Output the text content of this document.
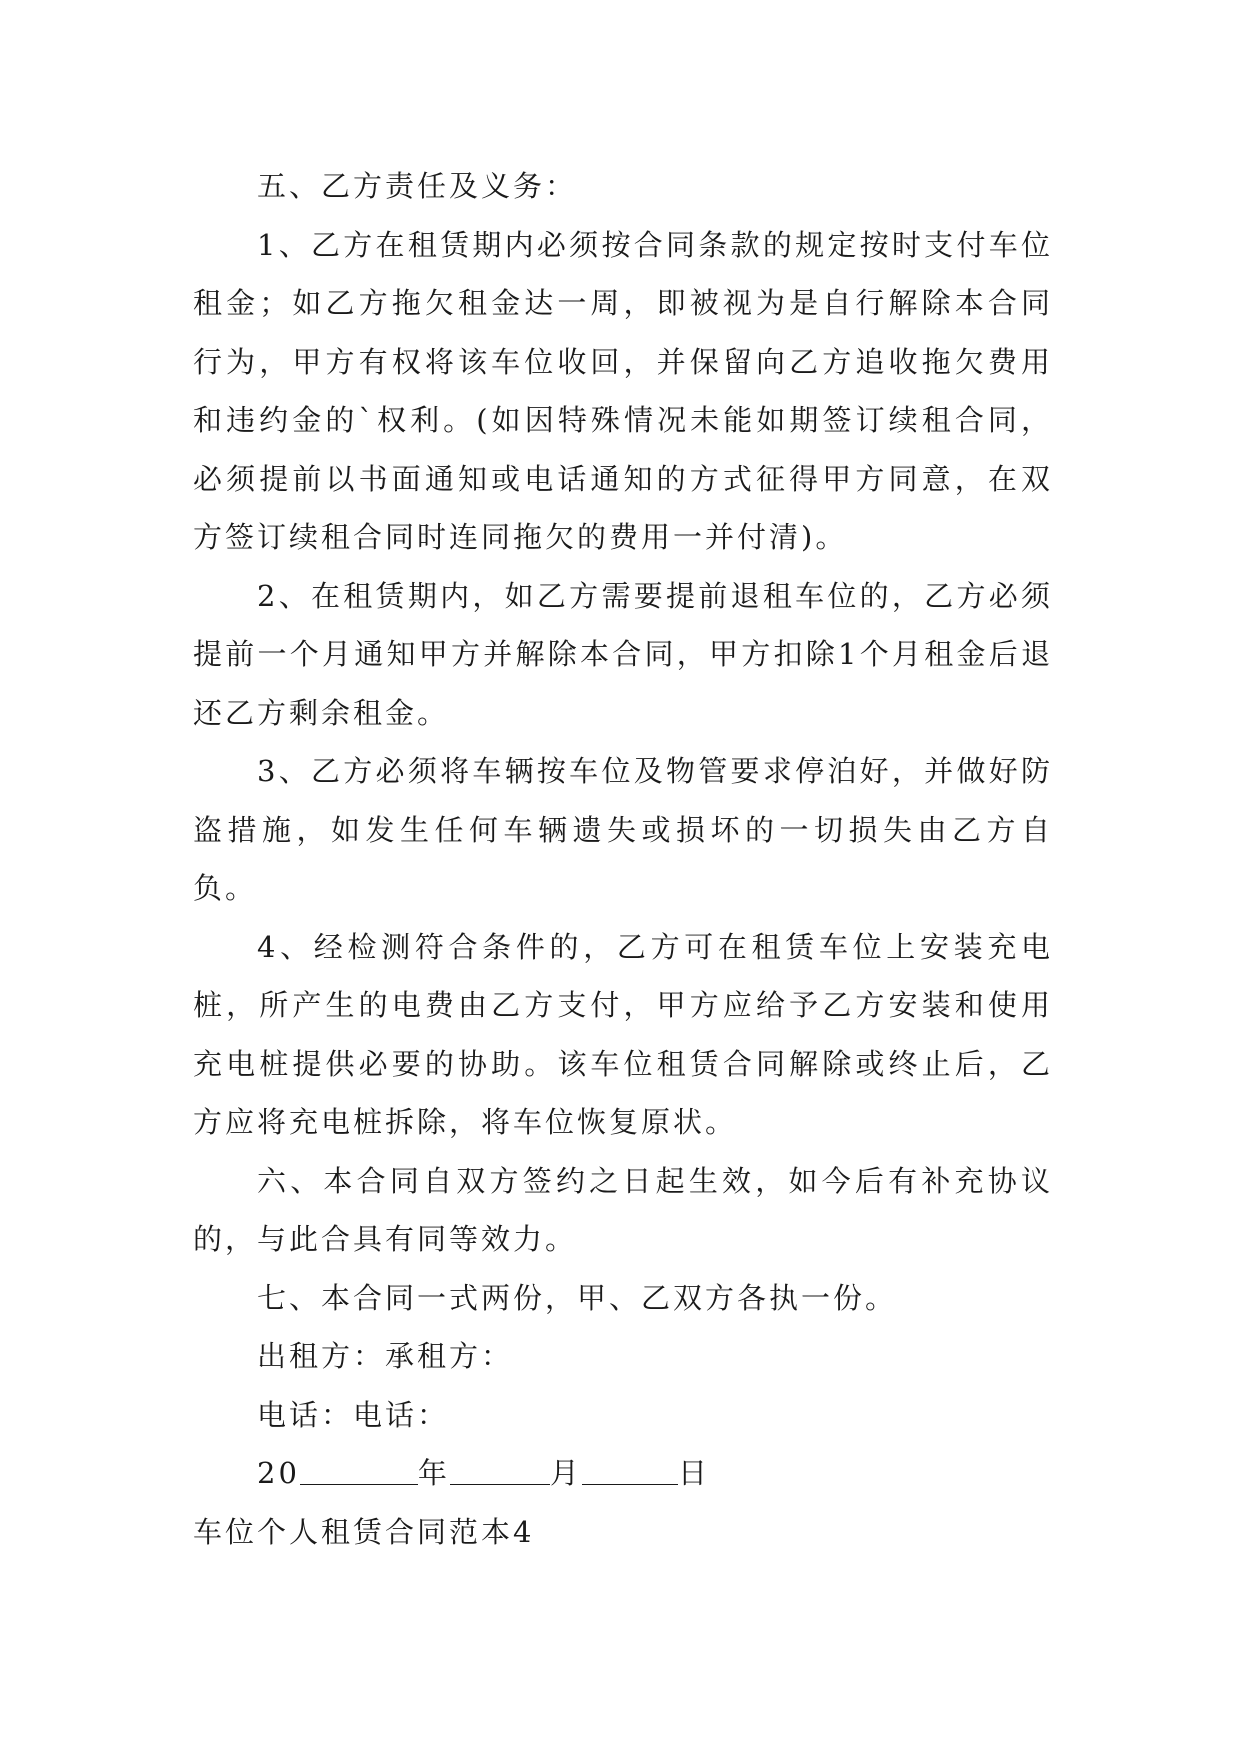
五、乙方责任及义务：

1、乙方在租赁期内必须按合同条款的规定按时支付车位租金；如乙方拖欠租金达一周，即被视为是自行解除本合同行为，甲方有权将该车位收回，并保留向乙方追收拖欠费用和违约金的`权利。(如因特殊情况未能如期签订续租合同，必须提前以书面通知或电话通知的方式征得甲方同意，在双方签订续租合同时连同拖欠的费用一并付清)。

2、在租赁期内，如乙方需要提前退租车位的，乙方必须提前一个月通知甲方并解除本合同，甲方扣除1个月租金后退还乙方剩余租金。

3、乙方必须将车辆按车位及物管要求停泊好，并做好防盗措施，如发生任何车辆遗失或损坏的一切损失由乙方自负。

4、经检测符合条件的，乙方可在租赁车位上安装充电桩，所产生的电费由乙方支付，甲方应给予乙方安装和使用充电桩提供必要的协助。该车位租赁合同解除或终止后，乙方应将充电桩拆除，将车位恢复原状。

六、本合同自双方签约之日起生效，如今后有补充协议的，与此合具有同等效力。

七、本合同一式两份，甲、乙双方各执一份。

出租方：承租方：

电话：电话：

20	年	月	日

车位个人租赁合同范本4
